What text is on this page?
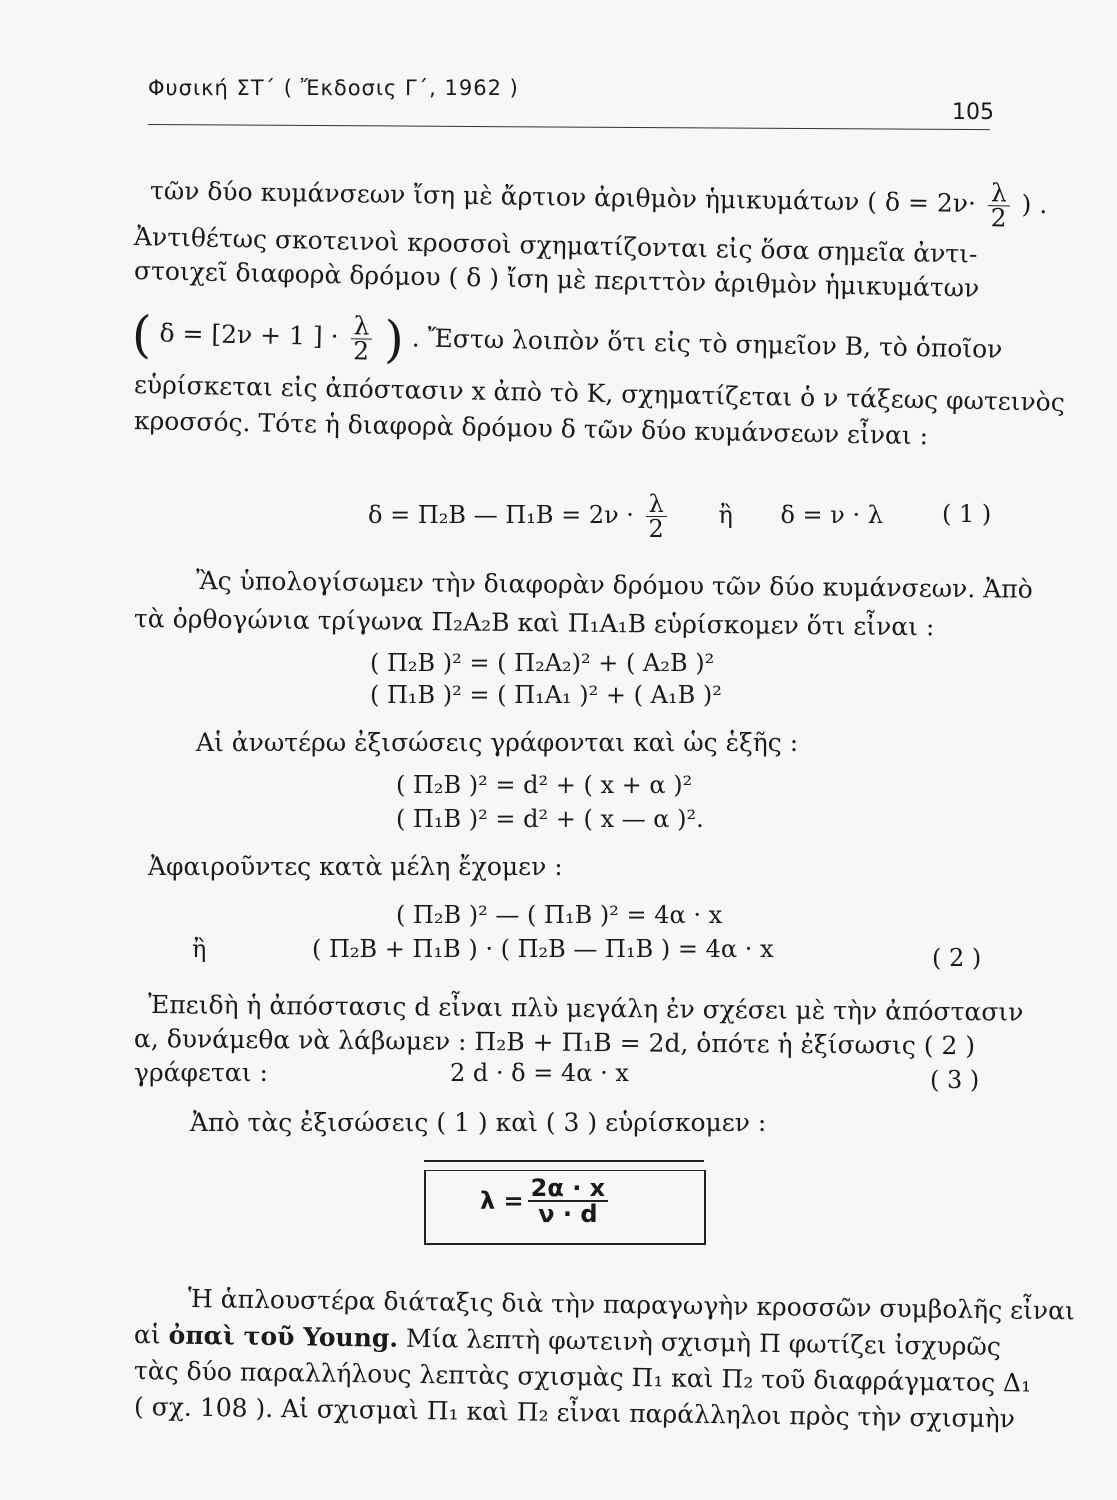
Φυσική ΣΤ΄ ( Ἔκδοσις Γ΄, 1962 )
105
τῶν δύο κυμάνσεων ἴση μὲ ἄρτιον ἀριθμὸν ἡμικυμάτων ( $\delta = 2\nu\cdot \frac{\lambda}{2}$ ) .
Ἀντιθέτως σκοτεινοὶ κροσσοὶ σχηματίζονται εἰς ὅσα σημεῖα ἀντι-
στοιχεῖ διαφορὰ δρόμου ( δ ) ἴση μὲ περιττὸν ἀριθμὸν ἡμικυμάτων
( δ = [2ν + 1 ] · $\frac{\lambda}{2}$ ) . Ἔστω λοιπὸν ὅτι εἰς τὸ σημεῖον Β, τὸ ὁποῖον
εὑρίσκεται εἰς ἀπόστασιν x ἀπὸ τὸ Κ, σχηματίζεται ὁ ν τάξεως φωτεινὸς
κροσσός. Τότε ἡ διαφορὰ δρόμου δ τῶν δύο κυμάνσεων εἶναι :
δ = Π₂Β — $\Pi_1B = 2\nu \cdot \frac{\lambda}{2}$ ἢ δ = ν · λ ( 1 )
Ἂς ὑπολογίσωμεν τὴν διαφορὰν δρόμου τῶν δύο κυμάνσεων. Ἀπὸ
τὰ ὀρθογώνια τρίγωνα Π₂Α₂Β καὶ Π₁Α₁Β εὑρίσκομεν ὅτι εἶναι :
( Π₂Β )² = ( Π₂Α₂)² + ( Α₂Β )²
( Π₁Β )² = ( Π₁Α₁ )² + ( Α₁Β )²
Αἱ ἀνωτέρω ἐξισώσεις γράφονται καὶ ὡς ἑξῆς :
( Π₂Β )² = d² + ( x + α )²
( Π₁Β )² = d² + ( x — α )².
Ἀφαιροῦντες κατὰ μέλη ἔχομεν :
( Π₂Β )² — ( Π₁Β )² = 4α · x
ἢ	( Π₂Β + Π₁Β ) · ( Π₂Β — Π₁Β ) = 4α · x	( 2 )
Ἐπειδὴ ἡ ἀπόστασις d εἶναι πλὺ μεγάλη ἐν σχέσει μὲ τὴν ἀπόστασιν
α, δυνάμεθα νὰ λάβωμεν : Π₂Β + Π₁Β = 2d, ὁπότε ἡ ἐξίσωσις ( 2 )
γράφεται :	2 d · δ = 4α · x	( 3 )
Ἀπὸ τὰς ἐξισώσεις ( 1 ) καὶ ( 3 ) εὑρίσκομεν :
$\lambda = \frac{2\alpha \cdot x}{\nu \cdot d}$
Ἡ ἁπλουστέρα διάταξις διὰ τὴν παραγωγὴν κροσσῶν συμβολῆς εἶναι
αἱ ὀπαὶ τοῦ Young. Μία λεπτὴ φωτεινὴ σχισμὴ Π φωτίζει ἰσχυρῶς
τὰς δύο παραλλήλους λεπτὰς σχισμὰς Π₁ καὶ Π₂ τοῦ διαφράγματος Δ₁
( σχ. 108 ). Αἱ σχισμαὶ Π₁ καὶ Π₂ εἶναι παράλληλοι πρὸς τὴν σχισμὴν
